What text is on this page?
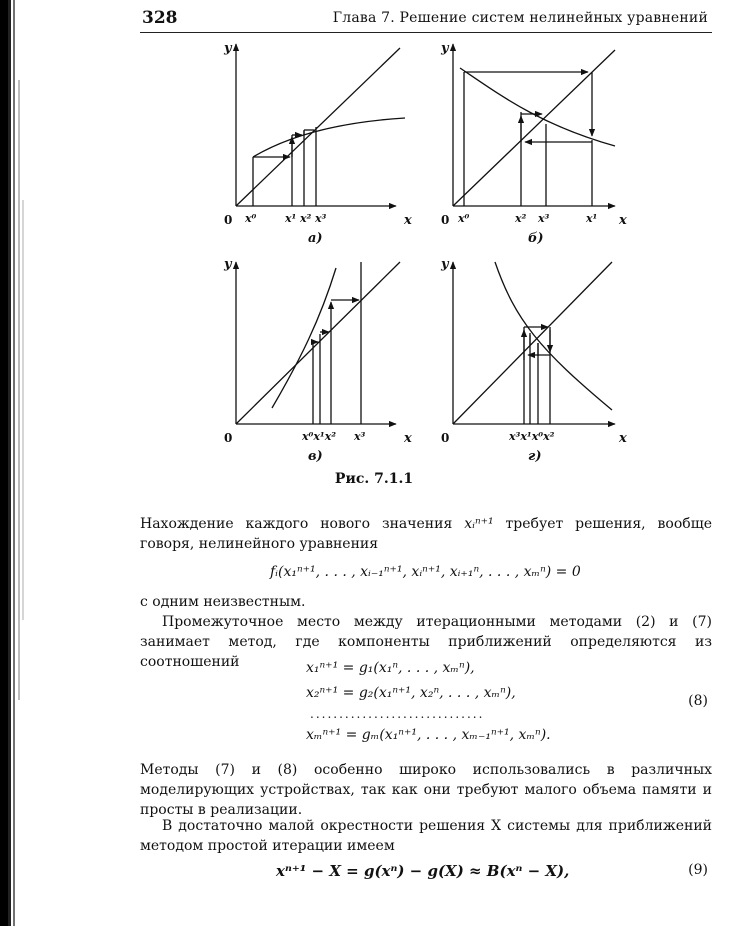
328	Глава 7. Решение систем нелинейных уравнений
y
x
y
x
y
x
y
x
0	0
0	0
x⁰	x¹ x² x³	x⁰	x² x³	x¹
x⁰x¹x² x³	x³x¹x⁰x²
а)	б)
в)	г)
Рис. 7.1.1
Нахождение каждого нового значения xᵢⁿ⁺¹ требует решения, вообще говоря, нелинейного уравнения
fᵢ(x₁ⁿ⁺¹, . . . , xᵢ₋₁ⁿ⁺¹, xᵢⁿ⁺¹, xᵢ₊₁ⁿ, . . . , xₘⁿ) = 0
с одним неизвестным.
Промежуточное место между итерационными методами (2) и (7) занимает метод, где компоненты приближений определяются из соотношений	x₁ⁿ⁺¹ = g₁(x₁ⁿ, . . . , xₘⁿ),
x₂ⁿ⁺¹ = g₂(x₁ⁿ⁺¹, x₂ⁿ, . . . , xₘⁿ),
..............................
xₘⁿ⁺¹ = gₘ(x₁ⁿ⁺¹, . . . , xₘ₋₁ⁿ⁺¹, xₘⁿ).
(8)
Методы (7) и (8) особенно широко использовались в различных моделирующих устройствах, так как они требуют малого объема памяти и просты в реализации.
В достаточно малой окрестности решения X системы для приближений методом простой итерации имеем
xⁿ⁺¹ − X = g(xⁿ) − g(X) ≈ B(xⁿ − X),	(9)
